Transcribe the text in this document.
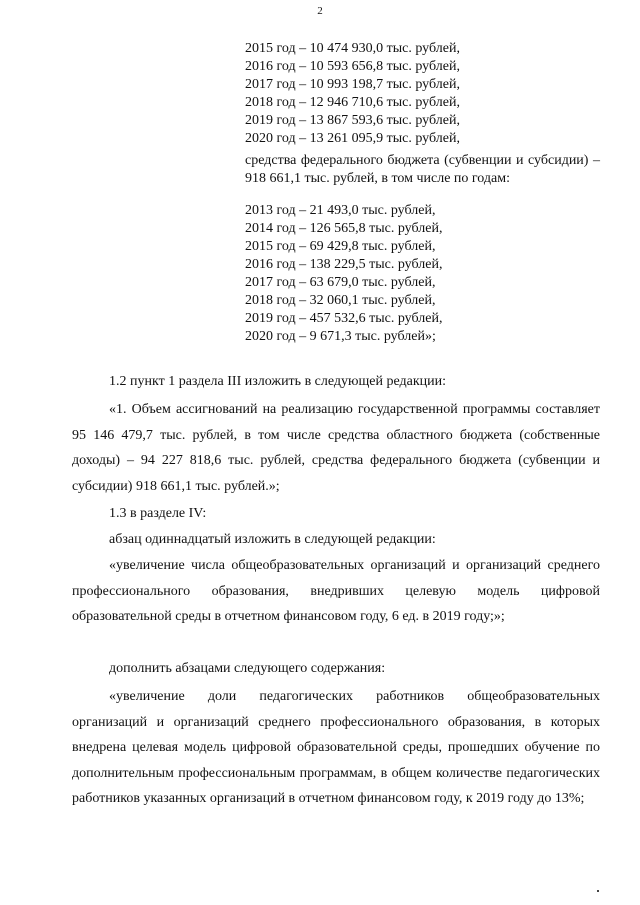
2
2015 год – 10 474 930,0 тыс. рублей,
2016 год – 10 593 656,8 тыс. рублей,
2017 год – 10 993 198,7 тыс. рублей,
2018 год – 12 946 710,6 тыс. рублей,
2019 год – 13 867 593,6 тыс. рублей,
2020 год – 13 261 095,9 тыс. рублей,
средства федерального бюджета (субвенции и субсидии) – 918 661,1 тыс. рублей, в том числе по годам:
2013 год – 21 493,0 тыс. рублей,
2014 год – 126 565,8 тыс. рублей,
2015 год – 69 429,8 тыс. рублей,
2016 год – 138 229,5 тыс. рублей,
2017 год – 63 679,0 тыс. рублей,
2018 год – 32 060,1 тыс. рублей,
2019 год – 457 532,6 тыс. рублей,
2020 год – 9 671,3 тыс. рублей»;

1.2 пункт 1 раздела III изложить в следующей редакции:

«1. Объем ассигнований на реализацию государственной программы составляет 95 146 479,7 тыс. рублей, в том числе средства областного бюджета (собственные доходы) – 94 227 818,6 тыс. рублей, средства федерального бюджета (субвенции и субсидии) 918 661,1 тыс. рублей.»;

1.3 в разделе IV:

абзац одиннадцатый изложить в следующей редакции:

«увеличение числа общеобразовательных организаций и организаций среднего профессионального образования, внедривших целевую модель цифровой образовательной среды в отчетном финансовом году, 6 ед. в 2019 году;»;

дополнить абзацами следующего содержания:

«увеличение доли педагогических работников общеобразовательных организаций и организаций среднего профессионального образования, в которых внедрена целевая модель цифровой образовательной среды, прошедших обучение по дополнительным профессиональным программам, в общем количестве педагогических работников указанных организаций в отчетном финансовом году, к 2019 году до 13%;
